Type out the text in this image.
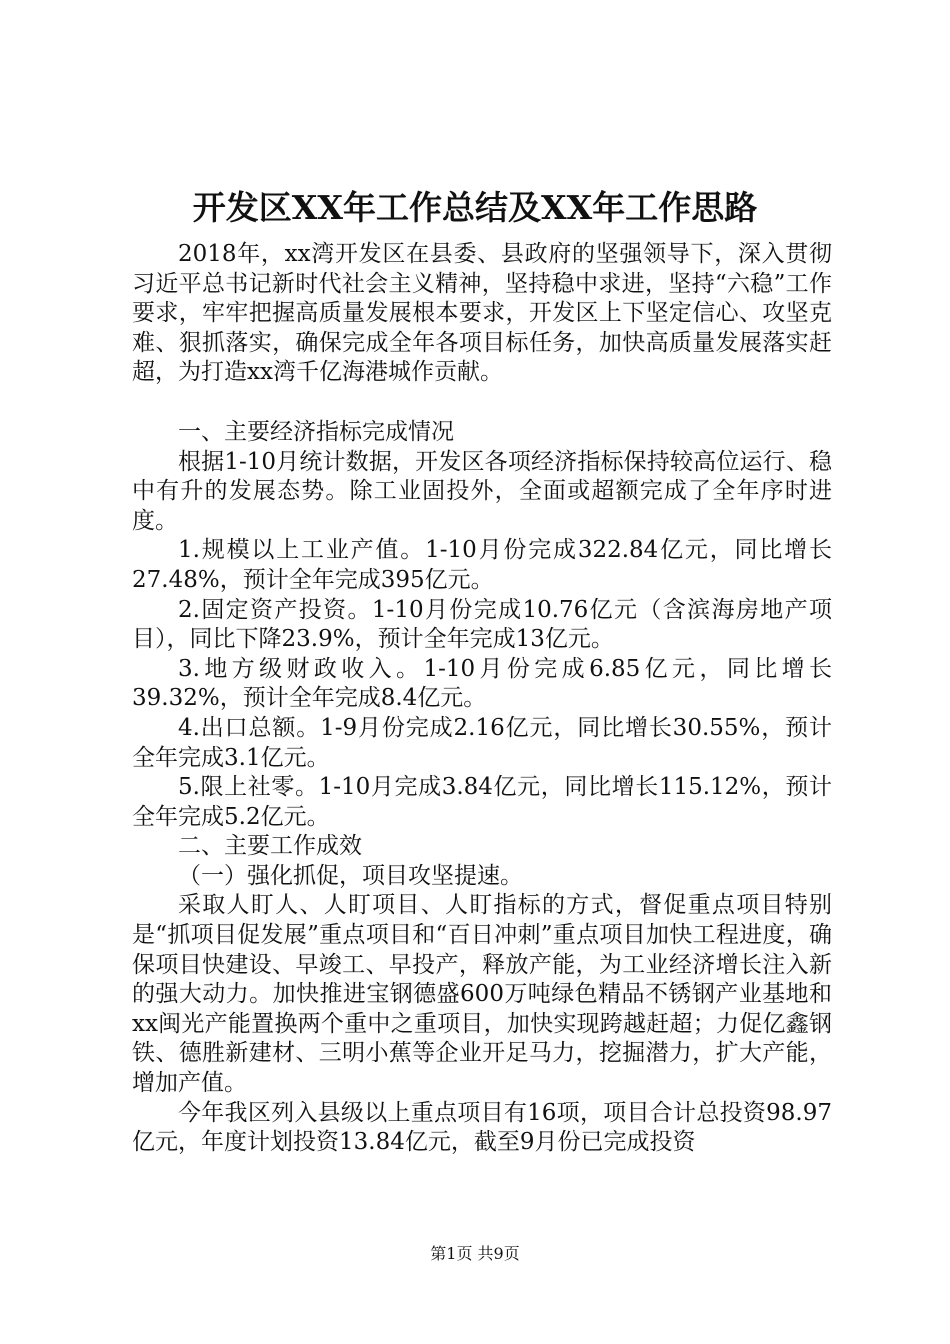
开发区XX年工作总结及XX年工作思路

2018年，xx湾开发区在县委、县政府的坚强领导下，深入贯彻习近平总书记新时代社会主义精神，坚持稳中求进，坚持“六稳”工作要求，牢牢把握高质量发展根本要求，开发区上下坚定信心、攻坚克难、狠抓落实，确保完成全年各项目标任务，加快高质量发展落实赶超，为打造xx湾千亿海港城作贡献。

一、主要经济指标完成情况

根据1-10月统计数据，开发区各项经济指标保持较高位运行、稳中有升的发展态势。除工业固投外，全面或超额完成了全年序时进度。

1.规模以上工业产值。1-10月份完成322.84亿元，同比增长27.48%，预计全年完成395亿元。

2.固定资产投资。1-10月份完成10.76亿元（含滨海房地产项目），同比下降23.9%，预计全年完成13亿元。

3.地方级财政收入。1-10月份完成6.85亿元，同比增长39.32%，预计全年完成8.4亿元。

4.出口总额。1-9月份完成2.16亿元，同比增长30.55%，预计全年完成3.1亿元。

5.限上社零。1-10月完成3.84亿元，同比增长115.12%，预计全年完成5.2亿元。

二、主要工作成效

（一）强化抓促，项目攻坚提速。

采取人盯人、人盯项目、人盯指标的方式，督促重点项目特别是“抓项目促发展”重点项目和“百日冲刺”重点项目加快工程进度，确保项目快建设、早竣工、早投产，释放产能，为工业经济增长注入新的强大动力。加快推进宝钢德盛600万吨绿色精品不锈钢产业基地和xx闽光产能置换两个重中之重项目，加快实现跨越赶超；力促亿鑫钢铁、德胜新建材、三明小蕉等企业开足马力，挖掘潜力，扩大产能，增加产值。

今年我区列入县级以上重点项目有16项，项目合计总投资98.97亿元，年度计划投资13.84亿元，截至9月份已完成投资

第1页 共9页
